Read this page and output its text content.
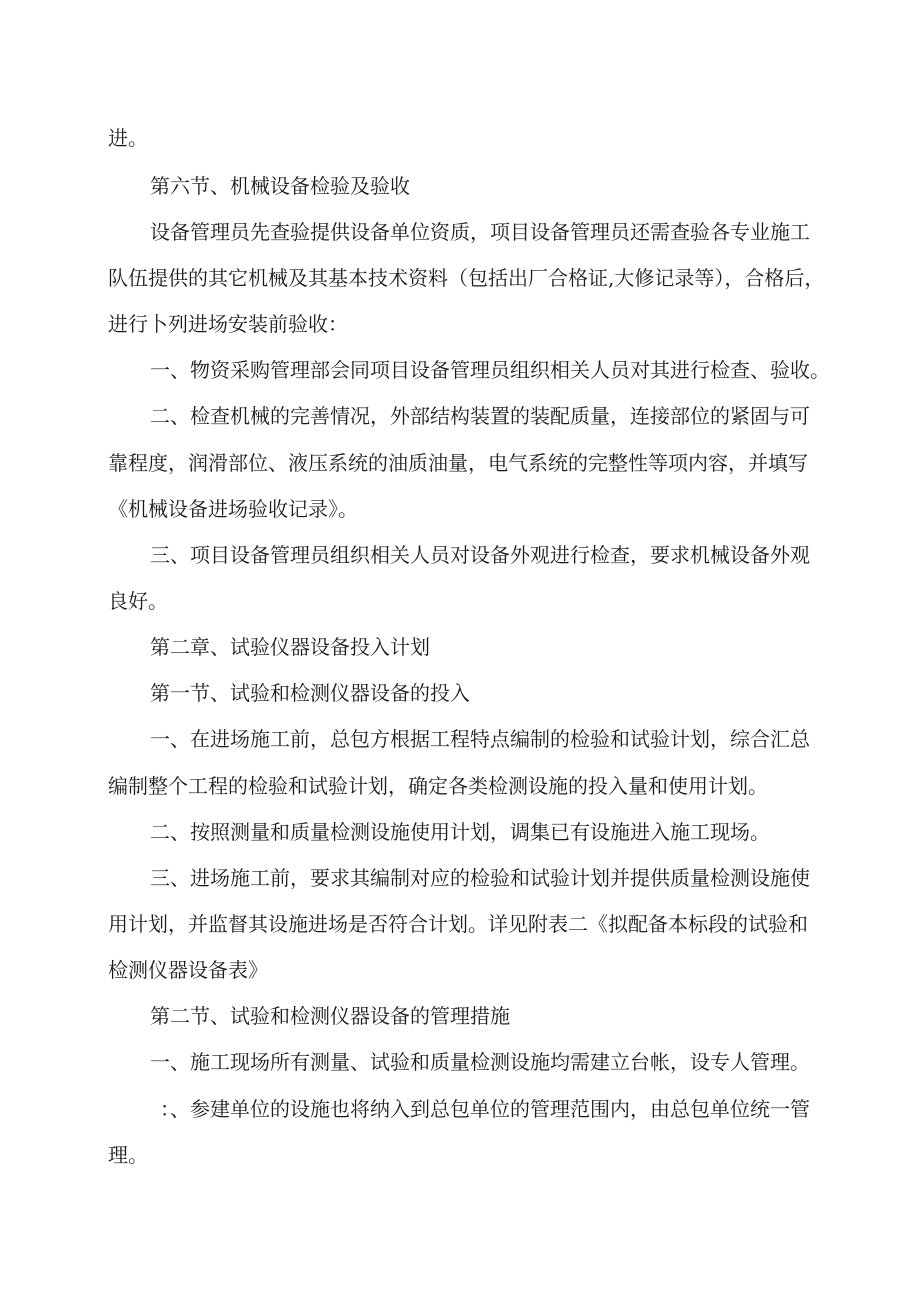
进。
第六节、机械设备检验及验收
设备管理员先查验提供设备单位资质，项目设备管理员还需查验各专业施工
队伍提供的其它机械及其基本技术资料（包括出厂合格证,大修记录等），合格后，
进行卜列进场安装前验收：
一、物资采购管理部会同项目设备管理员组织相关人员对其进行检查、验收。
二、检查机械的完善情况，外部结构装置的装配质量，连接部位的紧固与可
靠程度，润滑部位、液压系统的油质油量，电气系统的完整性等项内容，并填写
《机械设备进场验收记录》。
三、项目设备管理员组织相关人员对设备外观进行检查，要求机械设备外观
良好。
第二章、试验仪器设备投入计划
第一节、试验和检测仪器设备的投入
一、在进场施工前，总包方根据工程特点编制的检验和试验计划，综合汇总
编制整个工程的检验和试验计划，确定各类检测设施的投入量和使用计划。
二、按照测量和质量检测设施使用计划，调集已有设施进入施工现场。
三、进场施工前，要求其编制对应的检验和试验计划并提供质量检测设施使
用计划，并监督其设施进场是否符合计划。详见附表二《拟配备本标段的试验和
检测仪器设备表》
第二节、试验和检测仪器设备的管理措施
一、施工现场所有测量、试验和质量检测设施均需建立台帐，设专人管理。
：、参建单位的设施也将纳入到总包单位的管理范围内，由总包单位统一管
理。
